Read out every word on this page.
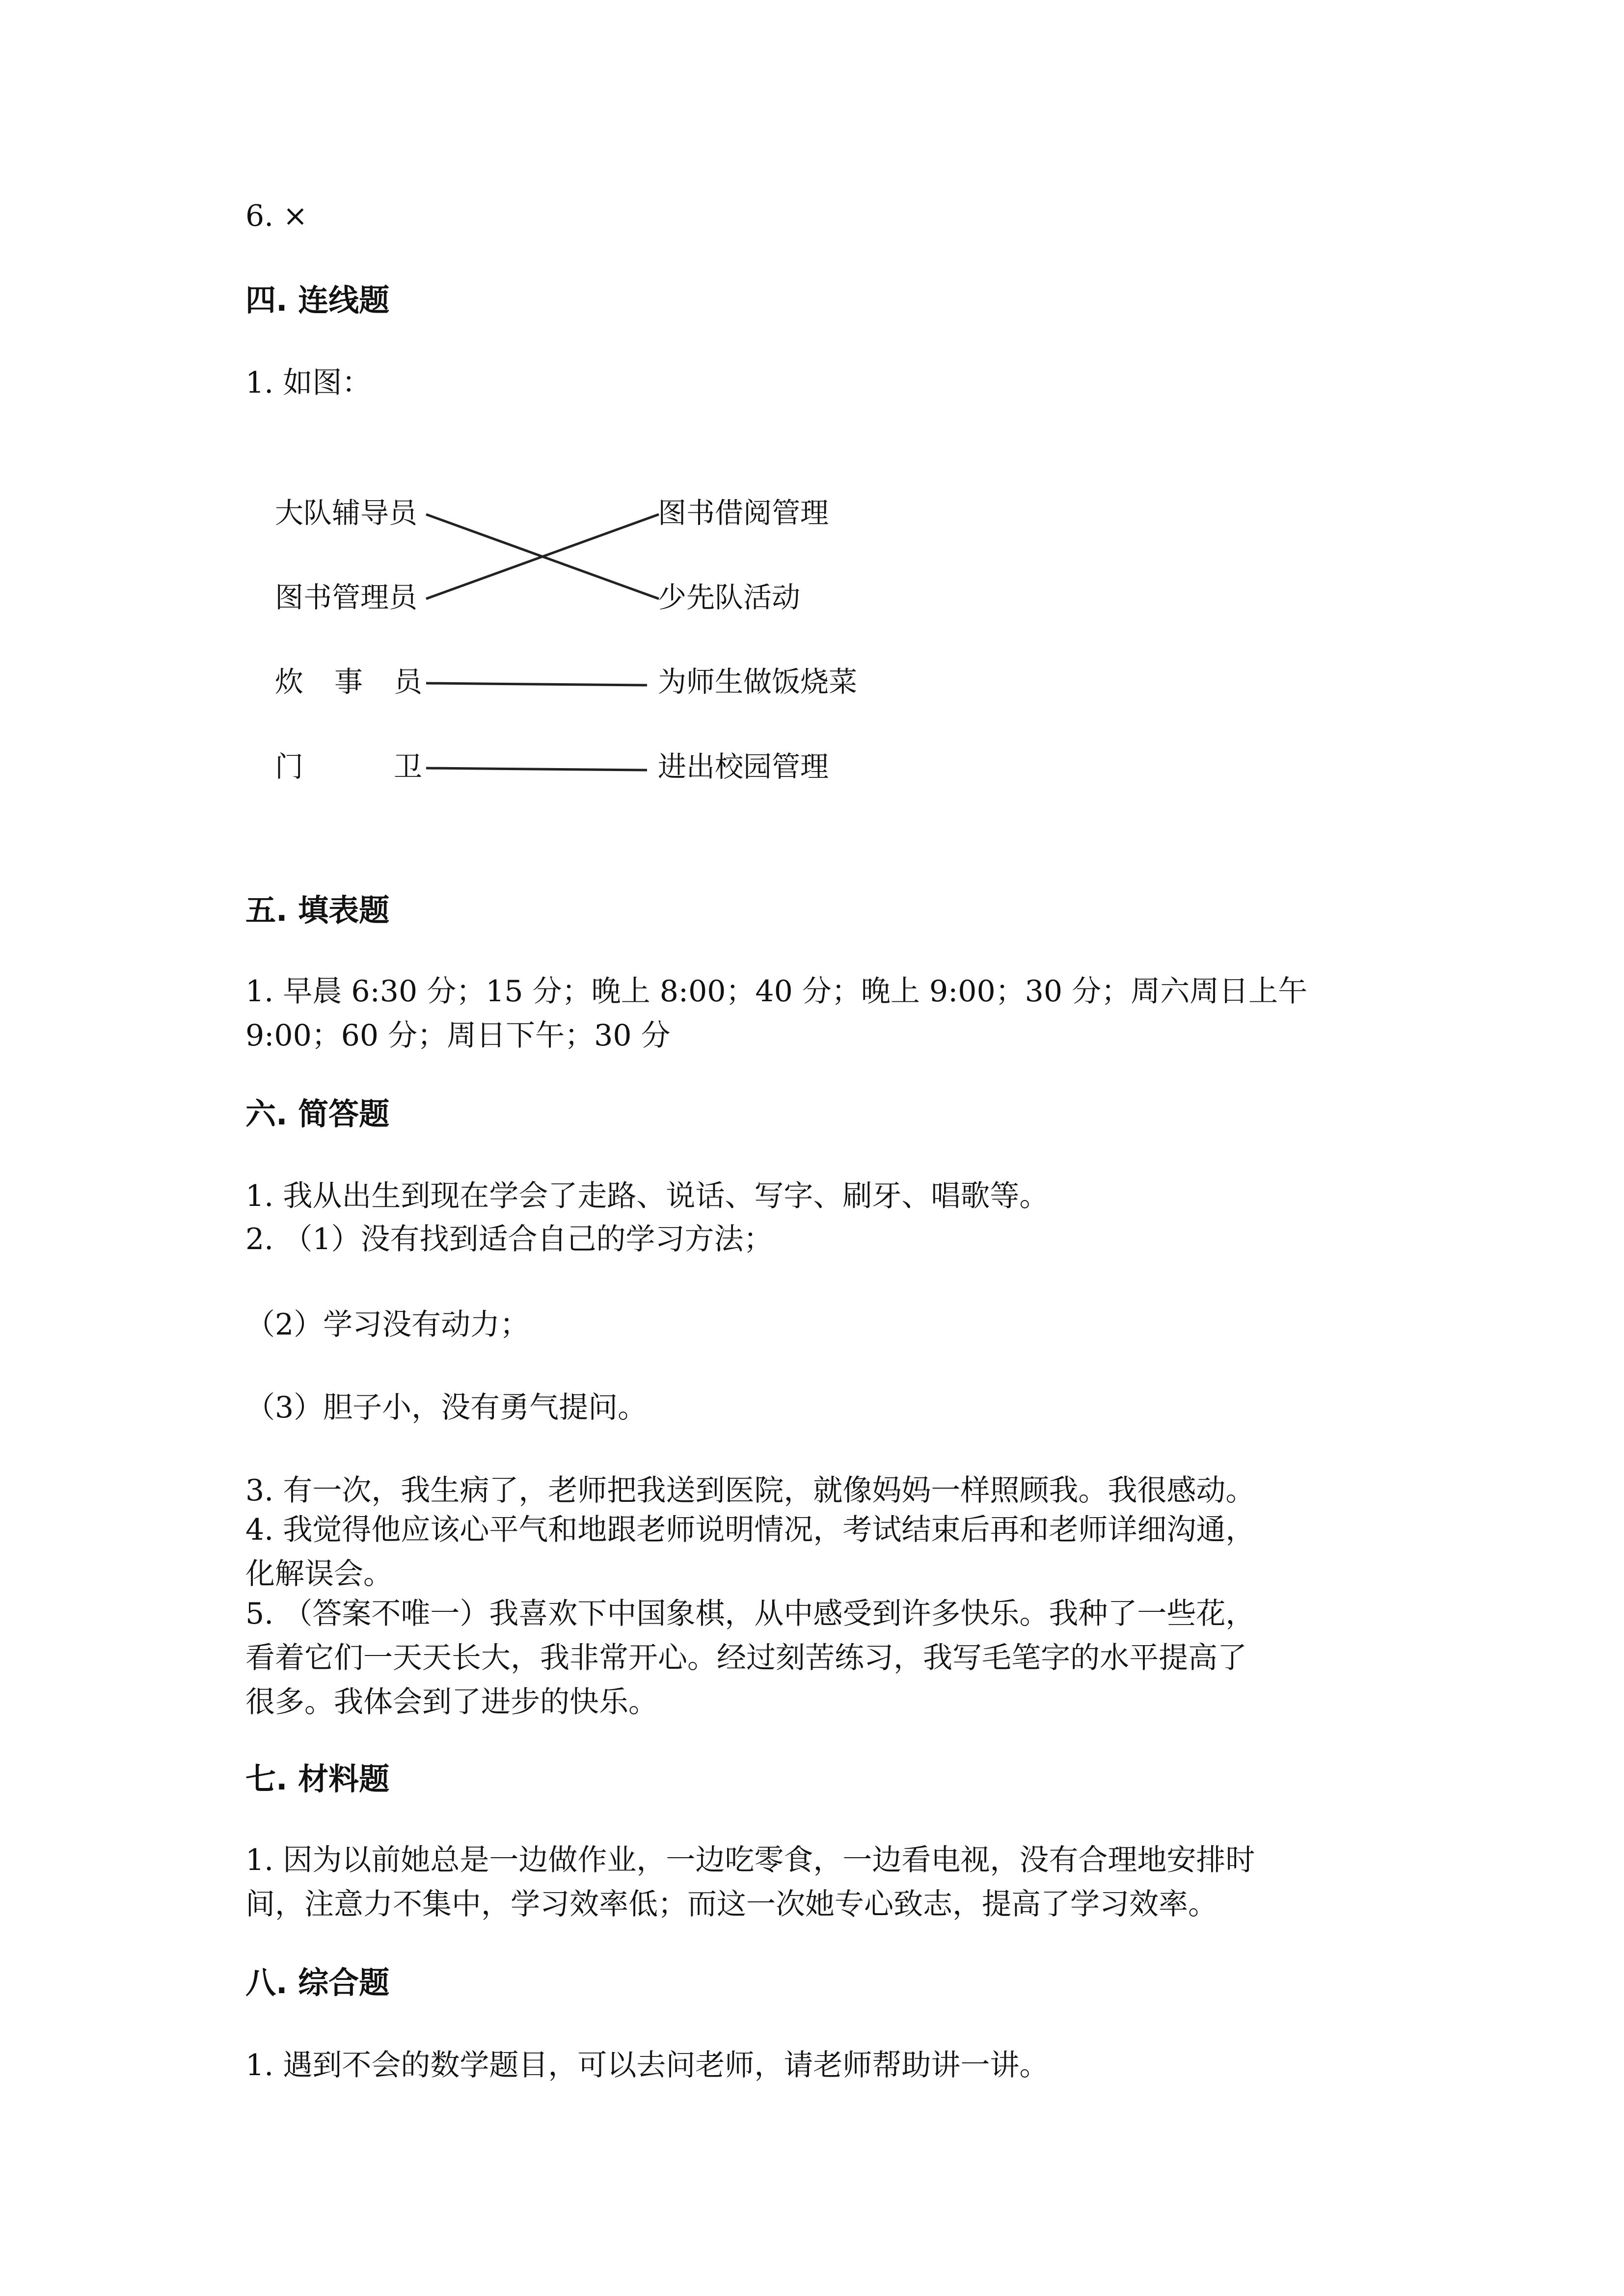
6. ×
四. 连线题
1. 如图：
大队辅导员
图书管理员
炊 事 员
门	卫
图书借阅管理
少先队活动
为师生做饭烧菜
进出校园管理
五. 填表题
1. 早晨 6:30 分；15 分；晚上 8:00；40 分；晚上 9:00；30 分；周六周日上午
9:00；60 分；周日下午；30 分
六. 简答题
1. 我从出生到现在学会了走路、说话、写字、刷牙、唱歌等。
2. （1）没有找到适合自己的学习方法；
（2）学习没有动力；
（3）胆子小，没有勇气提问。
3. 有一次，我生病了，老师把我送到医院，就像妈妈一样照顾我。我很感动。
4. 我觉得他应该心平气和地跟老师说明情况，考试结束后再和老师详细沟通，
化解误会。
5. （答案不唯一）我喜欢下中国象棋，从中感受到许多快乐。我种了一些花，
看着它们一天天长大，我非常开心。经过刻苦练习，我写毛笔字的水平提高了
很多。我体会到了进步的快乐。
七. 材料题
1. 因为以前她总是一边做作业，一边吃零食，一边看电视，没有合理地安排时
间，注意力不集中，学习效率低；而这一次她专心致志，提高了学习效率。
八. 综合题
1. 遇到不会的数学题目，可以去问老师，请老师帮助讲一讲。
